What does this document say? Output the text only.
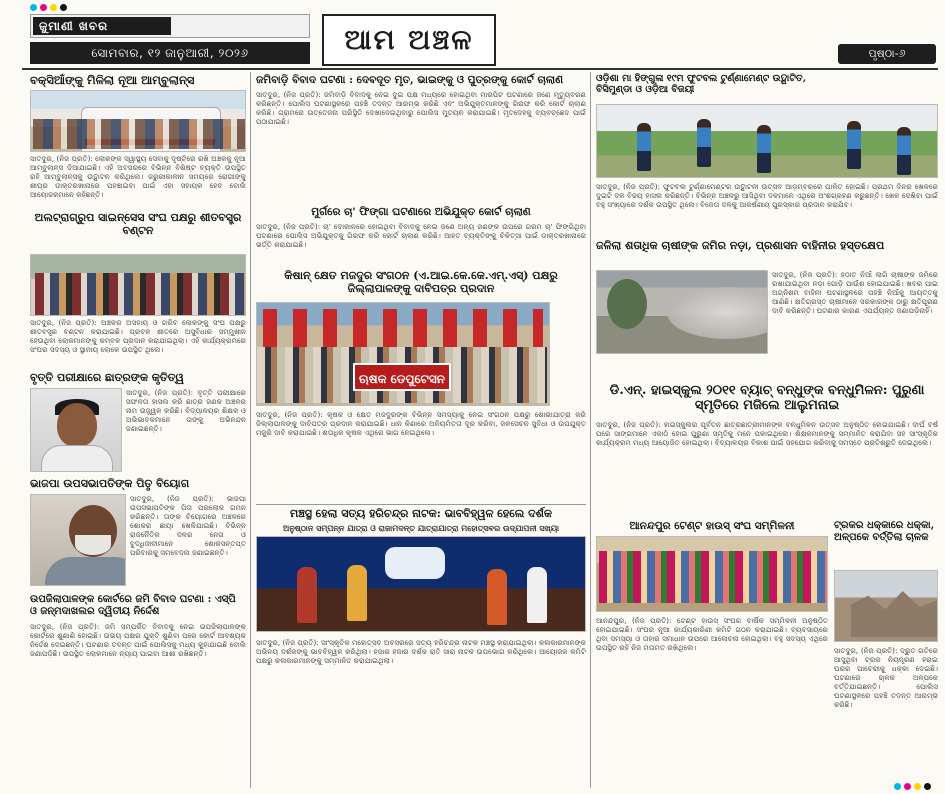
ଜୁମାଣୀ ଖବର
ସୋମବାର, ୧୨ ଜାନୁଆରୀ, ୨୦୨୬	ଆମ ଅଞ୍ଚଳ	ପୃଷ୍ଠା-୬
ବକ୍ସିଆଁଙ୍କୁ ମିଳିଲା ନୂଆ ଆମ୍ବୁଲାନ୍ସ
ସାତଦୁର, (ନିଜ ପ୍ରତି): ଲୋକଙ୍କ ସ୍ୱାସ୍ଥ୍ୟ ସେବାକୁ ଦୃଷ୍ଟିରେ ରଖି ଅଞ୍ଚଳକୁ ନୂଆ ଆମ୍ବୁଲାନ୍ସ ଦିଆଯାଇଛି। ଏହି ଅବସରରେ ବିଭିନ୍ନ ବିଶିଷ୍ଟ ବ୍ୟକ୍ତି ଉପସ୍ଥିତ ରହି ଆମ୍ବୁଲାନ୍ସକୁ ଉଦ୍ଘାଟନ କରିଥିଲେ। ଜରୁରୀକାଳୀନ ସମୟରେ ରୋଗୀଙ୍କୁ ଶୀଘ୍ର ଡାକ୍ତରଖାନାରେ ପହଞ୍ଚାଇବା ପାଇଁ ଏହା ସହାୟକ ହେବ ବୋଲି ଆୟୋଜକମାନେ କହିଛନ୍ତି।
ଅଲଟ୍ରାଗ୍ରୁପ ସାଇନ୍ସେସ ସଂଘ ପକ୍ଷରୁ ଶୀତବସ୍ତ୍ର ବଣ୍ଟନ
ସାତଦୁର, (ନିଜ ପ୍ରତି): ଅଞ୍ଚଳର ଅସହାୟ ଓ ଗରିବ ଲୋକଙ୍କୁ ସଂଘ ପକ୍ଷରୁ ଶୀତବସ୍ତ୍ର ବଣ୍ଟନ କରାଯାଇଛି। ପ୍ରବଳ ଶୀତରେ ଅସୁବିଧାର ସମ୍ମୁଖୀନ ହେଉଥିବା ଲୋକମାନଙ୍କୁ କମ୍ବଳ ପ୍ରଦାନ କରାଯାଇଥିଲା। ଏହି କାର୍ଯ୍ୟକ୍ରମରେ ସଂଘର ସଦସ୍ୟ ଓ ସ୍ଥାନୀୟ ଲୋକେ ଉପସ୍ଥିତ ଥିଲେ।
ବୃତ୍ତି ପରୀକ୍ଷାରେ ଛାତ୍ରଙ୍କ କୃତିତ୍ୱ
ସାତଦୁର, (ନିଜ ପ୍ରତି): ବୃତ୍ତି ପରୀକ୍ଷାରେ ସଫଳତା ହାସଲ କରି ଛାତ୍ର ଜଣକ ଅଞ୍ଚଳର ନାମ ଉଜ୍ଜ୍ୱଳ କରିଛି। ବିଦ୍ୟାଳୟର ଶିକ୍ଷକ ଓ ଅଭିଭାବକମାନେ ତାଙ୍କୁ ଅଭିନନ୍ଦନ ଜଣାଇଛନ୍ତି।
ଭାଜପା ଉପସଭାପତିଙ୍କ ପିତୃ ବିୟୋଗ
ସାତଦୁର, (ନିଜ ପ୍ରତି): ଭାଜପା ଉପସଭାପତିଙ୍କ ପିତା ପରଲୋକ ଗମନ କରିଛନ୍ତି। ତାଙ୍କ ବିୟୋଗରେ ଅଞ୍ଚଳରେ ଶୋକର ଛାୟା ଖେଳିଯାଇଛି। ବିଭିନ୍ନ ରାଜନୈତିକ ଦଳର ନେତା ଓ ବୁଦ୍ଧିଜୀବୀମାନେ ଶୋକସନ୍ତପ୍ତ ପରିବାରକୁ ସମବେଦନା ଜଣାଇଛନ୍ତି।
ଉପଜିଲାପାଳଙ୍କ କୋର୍ଟରେ ଜମି ବିବାଦ ଘଟଣା : ଏସ୍ପି ଓ ଜନ୍ମଦାଖଲର ଦ୍ୱିତୀୟ ନିର୍ଦ୍ଦେଶ
ସାତଦୁର, (ନିଜ ପ୍ରତି): ଜମି ସମ୍ପର୍କିତ ବିବାଦକୁ ନେଇ ଉପଜିଲାପାଳଙ୍କ କୋର୍ଟରେ ଶୁଣାଣି ହୋଇଛି। ଉଭୟ ପକ୍ଷର ଯୁକ୍ତି ଶୁଣିବା ପରେ କୋର୍ଟ ଆବଶ୍ୟକ ନିର୍ଦ୍ଦେଶ ଦେଇଛନ୍ତି। ଘଟଣାର ତଦନ୍ତ ପାଇଁ ପୋଲିସକୁ ମଧ୍ୟ କୁହାଯାଇଛି ବୋଲି ଜଣାପଡ଼ିଛି। ଉପସ୍ଥିତ ଲୋକମାନେ ନ୍ୟାୟ ପାଇବା ଆଶା ରଖିଛନ୍ତି।
ଜମିବାଡ଼ି ବିବାଦ ଘଟଣା : ଦେବଦୂତ ମୃତ, ଭାଇଙ୍କୁ ଓ ପୁତ୍ରଙ୍କୁ କୋର୍ଟ ଚାଲାଣ
ସାତଦୁର, (ନିଜ ପ୍ରତି): ଜମିବାଡ଼ି ବିବାଦକୁ ନେଇ ଦୁଇ ପକ୍ଷ ମଧ୍ୟରେ ହୋଇଥିବା ମାରପିଟ ଘଟଣାରେ ଜଣେ ମୃତ୍ୟୁବରଣ କରିଛନ୍ତି। ପୋଲିସ ଘଟଣାସ୍ଥଳରେ ପହଞ୍ଚି ତଦନ୍ତ ଆରମ୍ଭ କରିଛି ଏବଂ ଅଭିଯୁକ୍ତମାନଙ୍କୁ ଗିରଫ କରି କୋର୍ଟ ଚାଲାଣ କରିଛି। ଗ୍ରାମରେ ଉତ୍ତେଜନା ପରିସ୍ଥିତି ଦେଖାଦେଇଥିବାରୁ ପୋଲିସ ମୁତୟନ କରାଯାଇଛି। ମୃତଦେହକୁ ବ୍ୟବଚ୍ଛେଦ ପାଇଁ ପଠାଯାଇଛି।
ମୁର୍ଗରେ ଚା' ଫିଙ୍ଗା ଘଟଣାରେ ଅଭିଯୁକ୍ତ କୋର୍ଟ ଚାଲାଣ
ସାତଦୁର, (ନିଜ ପ୍ରତି): ଚା' ଦୋକାନରେ ହୋଇଥିବା ବିବାଦକୁ ନେଇ ଜଣେ ଅନ୍ୟ ଜଣଙ୍କ ଉପରେ ଗରମ ଚା' ଫିଙ୍ଗିଥିବା ଘଟଣାରେ ପୋଲିସ ଅଭିଯୁକ୍ତକୁ ଗିରଫ କରି କୋର୍ଟ ଚାଲାଣ କରିଛି। ଆହତ ବ୍ୟକ୍ତିଙ୍କୁ ଚିକିତ୍ସା ପାଇଁ ଡାକ୍ତରଖାନାରେ ଭର୍ତ୍ତି କରାଯାଇଛି।
କିଷାନ୍ କ୍ଷେତ ମଜଦୁର ସଂଗଠନ (ଏ.ଆଇ.କେ.କେ.ଏମ୍.ଏସ୍) ପକ୍ଷରୁ ଜିଲ୍ଲାପାଳଙ୍କୁ ଦାବିପତ୍ର ପ୍ରଦାନ
ଋଷକ ଡେପୁଟେସନ
ସାତଦୁର, (ନିଜ ପ୍ରତି): କୃଷକ ଓ କ୍ଷେତ ମଜଦୁରଙ୍କ ବିଭିନ୍ନ ସମସ୍ୟାକୁ ନେଇ ସଂଗଠନ ପକ୍ଷରୁ ଶୋଭାଯାତ୍ରା କରି ଜିଲ୍ଲାପାଳଙ୍କୁ ଦାବିପତ୍ର ପ୍ରଦାନ କରାଯାଇଛି। ଧାନ କିଣାରେ ଅନିୟମିତତା ଦୂର କରିବା, ଜଳସେଚନ ସୁବିଧା ଓ ଉପଯୁକ୍ତ ମଜୁରି ଦାବି କରାଯାଇଛି। ଶତାଧିକ କୃଷକ ଏଥିରେ ଭାଗ ନେଇଥିଲେ।
ମଞ୍ଚସ୍ଥ ହେଲା ସତ୍ୟ ହରିଚନ୍ଦ୍ର ନାଟକ: ଭାବବିହ୍ୱଳ ହେଲେ ଦର୍ଶକ
ଅନୁଷ୍ଠାନ ସମ୍ପନ୍ନ ଯାତ୍ରା ଓ ରାଜାମଦନ୍ତ ଯାତ୍ରାଯାତ୍ରା ମହୋତ୍ସବର ଉଦ୍ଯାପନୀ ସଖ୍ୟା
ସାତଦୁର, (ନିଜ ପ୍ରତି): ସାଂସ୍କୃତିକ ମହୋତ୍ସବ ଅବସରରେ ସତ୍ୟ ହରିଚନ୍ଦ୍ର ନାଟକ ମଞ୍ଚସ୍ଥ କରାଯାଇଥିଲା। କଳାକାରମାନଙ୍କ ଅଭିନୟ ଦର୍ଶକଙ୍କୁ ଭାବବିହ୍ୱଳ କରିଥିଲା। ହଜାର ହଜାର ଦର୍ଶକ ରାତି ସାରା ନାଟକ ଉପଭୋଗ କରିଥିଲେ। ଆୟୋଜକ କମିଟି ପକ୍ଷରୁ କଳାକାରମାନଙ୍କୁ ସମ୍ମାନିତ କରାଯାଇଥିଲା।
ଓଡ଼ିଶା ମା ହିଙ୍ଗୁଳା ୧୯ମ ଫୁଟବଲ ଟୁର୍ଣ୍ଣାମେଣ୍ଟ ଉଦ୍ଘାଟିତ, ବିସିମୁଣ୍ଡା ଓ ଓଡ଼ିଆ ବିଜୟୀ
ସାତଦୁର, (ନିଜ ପ୍ରତି): ଫୁଟବଲ ଟୁର୍ଣ୍ଣାମେଣ୍ଟର ଉଦ୍ଘାଟନୀ ଉତ୍ସବ ଆଡ଼ମ୍ବରରେ ପାଳିତ ହୋଇଛି। ପ୍ରଥମ ଦିନର ଖେଳରେ ଦୁଇଟି ଦଳ ବିଜୟ ହାସଲ କରିଛନ୍ତି। ବିଭିନ୍ନ ଅଞ୍ଚଳରୁ ଆସିଥିବା ଦଳମାନେ ଏଥିରେ ଅଂଶଗ୍ରହଣ କରୁଛନ୍ତି। ଖେଳ ଦେଖିବା ପାଇଁ ବହୁ ସଂଖ୍ୟାରେ ଦର୍ଶକ ଉପସ୍ଥିତ ଥିଲେ। ବିଜେତା ଦଳକୁ ଆକର୍ଷଣୀୟ ପୁରସ୍କାର ପ୍ରଦାନ କରାଯିବ।
ଜଳିଲା ଶତାଧିକ ଚାଷୀଙ୍କ ଜମିର ନଡ଼ା, ପ୍ରଶାସନ ବାହିନୀର ହସ୍ତକ୍ଷେପ
ସାତଦୁର, (ନିଜ ପ୍ରତି): ହଠାତ ନିଆଁ ଲାଗି ଚାଷୀଙ୍କ ଜମିରେ ରଖାଯାଇଥିବା ନଡ଼ା ପୋଡ଼ି ପାଉଁଶ ହୋଇଯାଇଛି। ଖବର ପାଇ ଅଗ୍ନିଶମ ବାହିନୀ ଘଟଣାସ୍ଥଳରେ ପହଞ୍ଚି ନିଆଁକୁ ଆୟତ୍ତକୁ ଆଣିଛି। କ୍ଷତିଗ୍ରସ୍ତ ଚାଷୀମାନେ ସରକାରଙ୍କ ଠାରୁ କ୍ଷତିପୂରଣ ଦାବି କରିଛନ୍ତି। ଘଟଣାର କାରଣ ଏପର୍ଯ୍ୟନ୍ତ ଜଣାପଡ଼ିନାହିଁ।
ଡି.ଏନ୍. ହାଇସ୍କୁଲ ୨୦୧୧ ବ୍ୟାଚ୍ ବନ୍ଧୁଙ୍କ ବନ୍ଧୁମିଳନ: ପୁରୁଣା ସ୍ମୃତିରେ ମଜିଲେ ଆଲୁମନାଇ
ସାତଦୁର, (ନିଜ ପ୍ରତି): ହାଇସ୍କୁଲର ପୂର୍ବତନ ଛାତ୍ରଛାତ୍ରୀମାନଙ୍କ ବନ୍ଧୁମିଳନ ଉତ୍ସବ ଅନୁଷ୍ଠିତ ହୋଇଯାଇଛି। ଦୀର୍ଘ ବର୍ଷ ପରେ ସାଙ୍ଗମାନେ ଏକାଠି ହୋଇ ପୁରୁଣା ସ୍ମୃତିକୁ ମନେ ପକାଇଥିଲେ। ଶିକ୍ଷକମାନଙ୍କୁ ସମ୍ମାନିତ କରାଯିବା ସହ ସାଂସ୍କୃତିକ କାର୍ଯ୍ୟକ୍ରମ ମଧ୍ୟ ଆୟୋଜିତ ହୋଇଥିଲା। ବିଦ୍ୟାଳୟର ବିକାଶ ପାଇଁ ସହଯୋଗ କରିବାକୁ ସମସ୍ତେ ପ୍ରତିଶ୍ରୁତି ଦେଇଥିଲେ।
ଆନନ୍ଦପୁର ଟେଣ୍ଟ ହାଉସ୍ ସଂଘ ସମ୍ମିଳନୀ
ଆନନ୍ଦପୁର, (ନିଜ ପ୍ରତି): ଟେଣ୍ଟ ହାଉସ୍ ସଂଘର ବାର୍ଷିକ ସମ୍ମିଳନୀ ଅନୁଷ୍ଠିତ ହୋଇଯାଇଛି। ସଂଘର ନୂଆ କାର୍ଯ୍ୟକାରିଣୀ କମିଟି ଗଠନ କରାଯାଇଛି। ବ୍ୟବସାୟରେ ଥିବା ସମସ୍ୟା ଓ ତାହାର ସମାଧାନ ଉପରେ ଆଲୋଚନା ହୋଇଥିଲା। ବହୁ ସଦସ୍ୟ ଏଥିରେ ଉପସ୍ଥିତ ରହି ନିଜ ମତାମତ ରଖିଥିଲେ।
ଟ୍ରକର ଧକ୍କାରେ ଧକ୍କା, ଅଳ୍ପକେ ବର୍ତ୍ତିଲା ଚାଳକ
ସାତଦୁର, (ନିଜ ପ୍ରତି): ଦ୍ରୁତ ଗତିରେ ଆସୁଥିବା ଟ୍ରକ ନିୟନ୍ତ୍ରଣ ହରାଇ ଘରର ପାଚେରୀକୁ ଧକ୍କା ଦେଇଛି। ଘଟଣାରେ ଚାଳକ ଅଳ୍ପକେ ବର୍ତ୍ତିଯାଇଛନ୍ତି। ପୋଲିସ ଘଟଣାସ୍ଥଳରେ ପହଞ୍ଚି ତଦନ୍ତ ଆରମ୍ଭ କରିଛି।
